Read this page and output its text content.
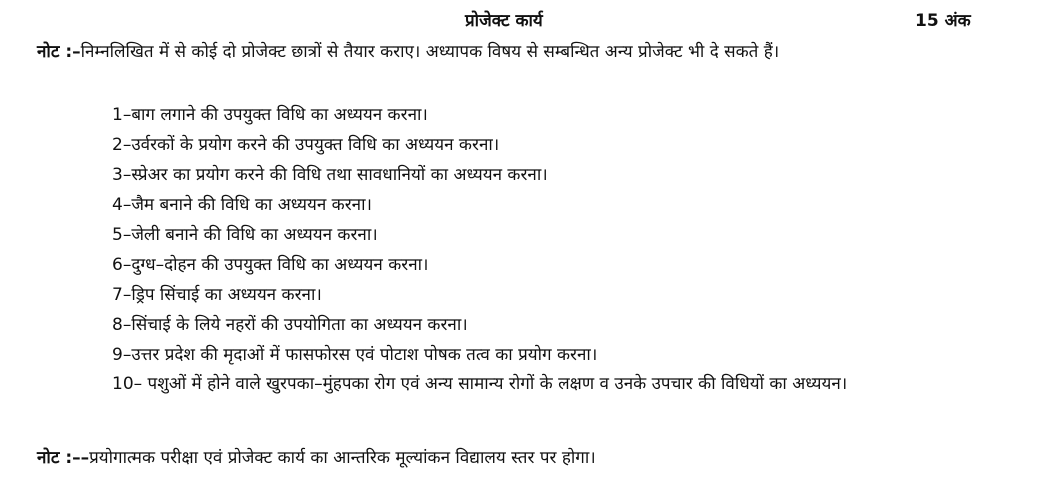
प्रोजेक्ट कार्य	15 अंक
नोट :–निम्नलिखित में से कोई दो प्रोजेक्ट छात्रों से तैयार कराए। अध्यापक विषय से सम्बन्धित अन्य प्रोजेक्ट भी दे सकते हैं।
1–बाग लगाने की उपयुक्त विधि का अध्ययन करना।
2–उर्वरकों के प्रयोग करने की उपयुक्त विधि का अध्ययन करना।
3–स्प्रेअर का प्रयोग करने की विधि तथा सावधानियों का अध्ययन करना।
4–जैम बनाने की विधि का अध्ययन करना।
5–जेली बनाने की विधि का अध्ययन करना।
6–दुग्ध–दोहन की उपयुक्त विधि का अध्ययन करना।
7–ड्रिप सिंचाई का अध्ययन करना।
8–सिंचाई के लिये नहरों की उपयोगिता का अध्ययन करना।
9–उत्तर प्रदेश की मृदाओं में फासफोरस एवं पोटाश पोषक तत्व का प्रयोग करना।
10– पशुओं में होने वाले खुरपका–मुंहपका रोग एवं अन्य सामान्य रोगों के लक्षण व उनके उपचार की विधियों का अध्ययन।
नोट :––प्रयोगात्मक परीक्षा एवं प्रोजेक्ट कार्य का आन्तरिक मूल्यांकन विद्यालय स्तर पर होगा।
